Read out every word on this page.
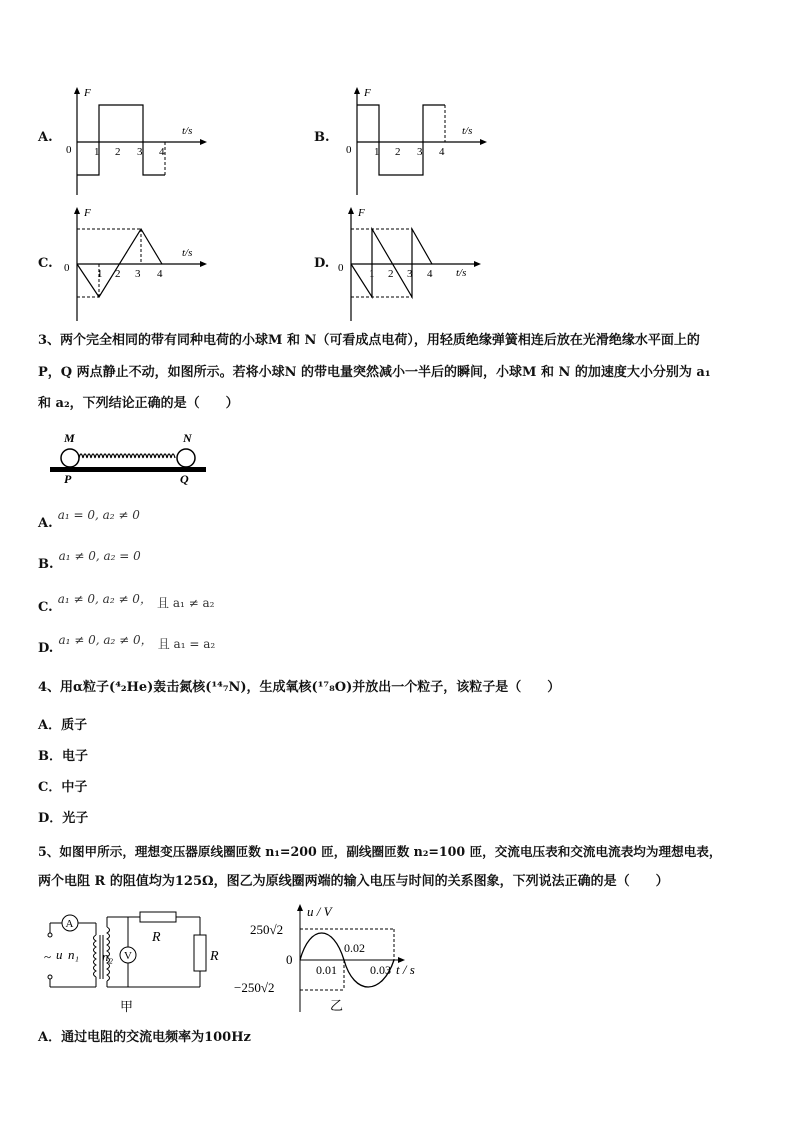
A.
F
t/s
0 1 2 3 4
B.
F
t/s
0 1 2 3 4
C.
F
t/s
0	1 2 3 4
D.
F
t/s
0 1 2 3 4
3、两个完全相同的带有同种电荷的小球M 和 N（可看成点电荷），用轻质绝缘弹簧相连后放在光滑绝缘水平面上的
P，Q 两点静止不动，如图所示。若将小球N 的带电量突然减小一半后的瞬间，小球M 和 N 的加速度大小分别为 a₁
和 a₂，下列结论正确的是（　　）
M	N
P	Q
A. $^{a_1 = 0, a_2 \ne 0}$
B. $^{a_1 \ne 0, a_2 = 0}$
C. $^{a_1 \ne 0, a_2 \ne 0,}$ $^{且 a_1 \ne a_2}$
D. $^{a_1 \ne 0, a_2 \ne 0,}$ $^{且 a_1 = a_2}$
4、用α粒子(⁴₂He)轰击氮核(¹⁴₇N)，生成氧核(¹⁷₈O)并放出一个粒子，该粒子是（　　）
A．质子
B．电子
C．中子
D．光子
5、如图甲所示，理想变压器原线圈匝数 n₁=200 匝，副线圈匝数 n₂=100 匝，交流电压表和交流电流表均为理想电表，
两个电阻 R 的阻值均为125Ω，图乙为原线圈两端的输入电压与时间的关系图象，下列说法正确的是（　　）
A
~ u n₁ n₂ V
R
R
甲
u / V
t / s
250√2
−250√2
0
0.01
0.02
0.03
乙
A．通过电阻的交流电频率为100Hz
